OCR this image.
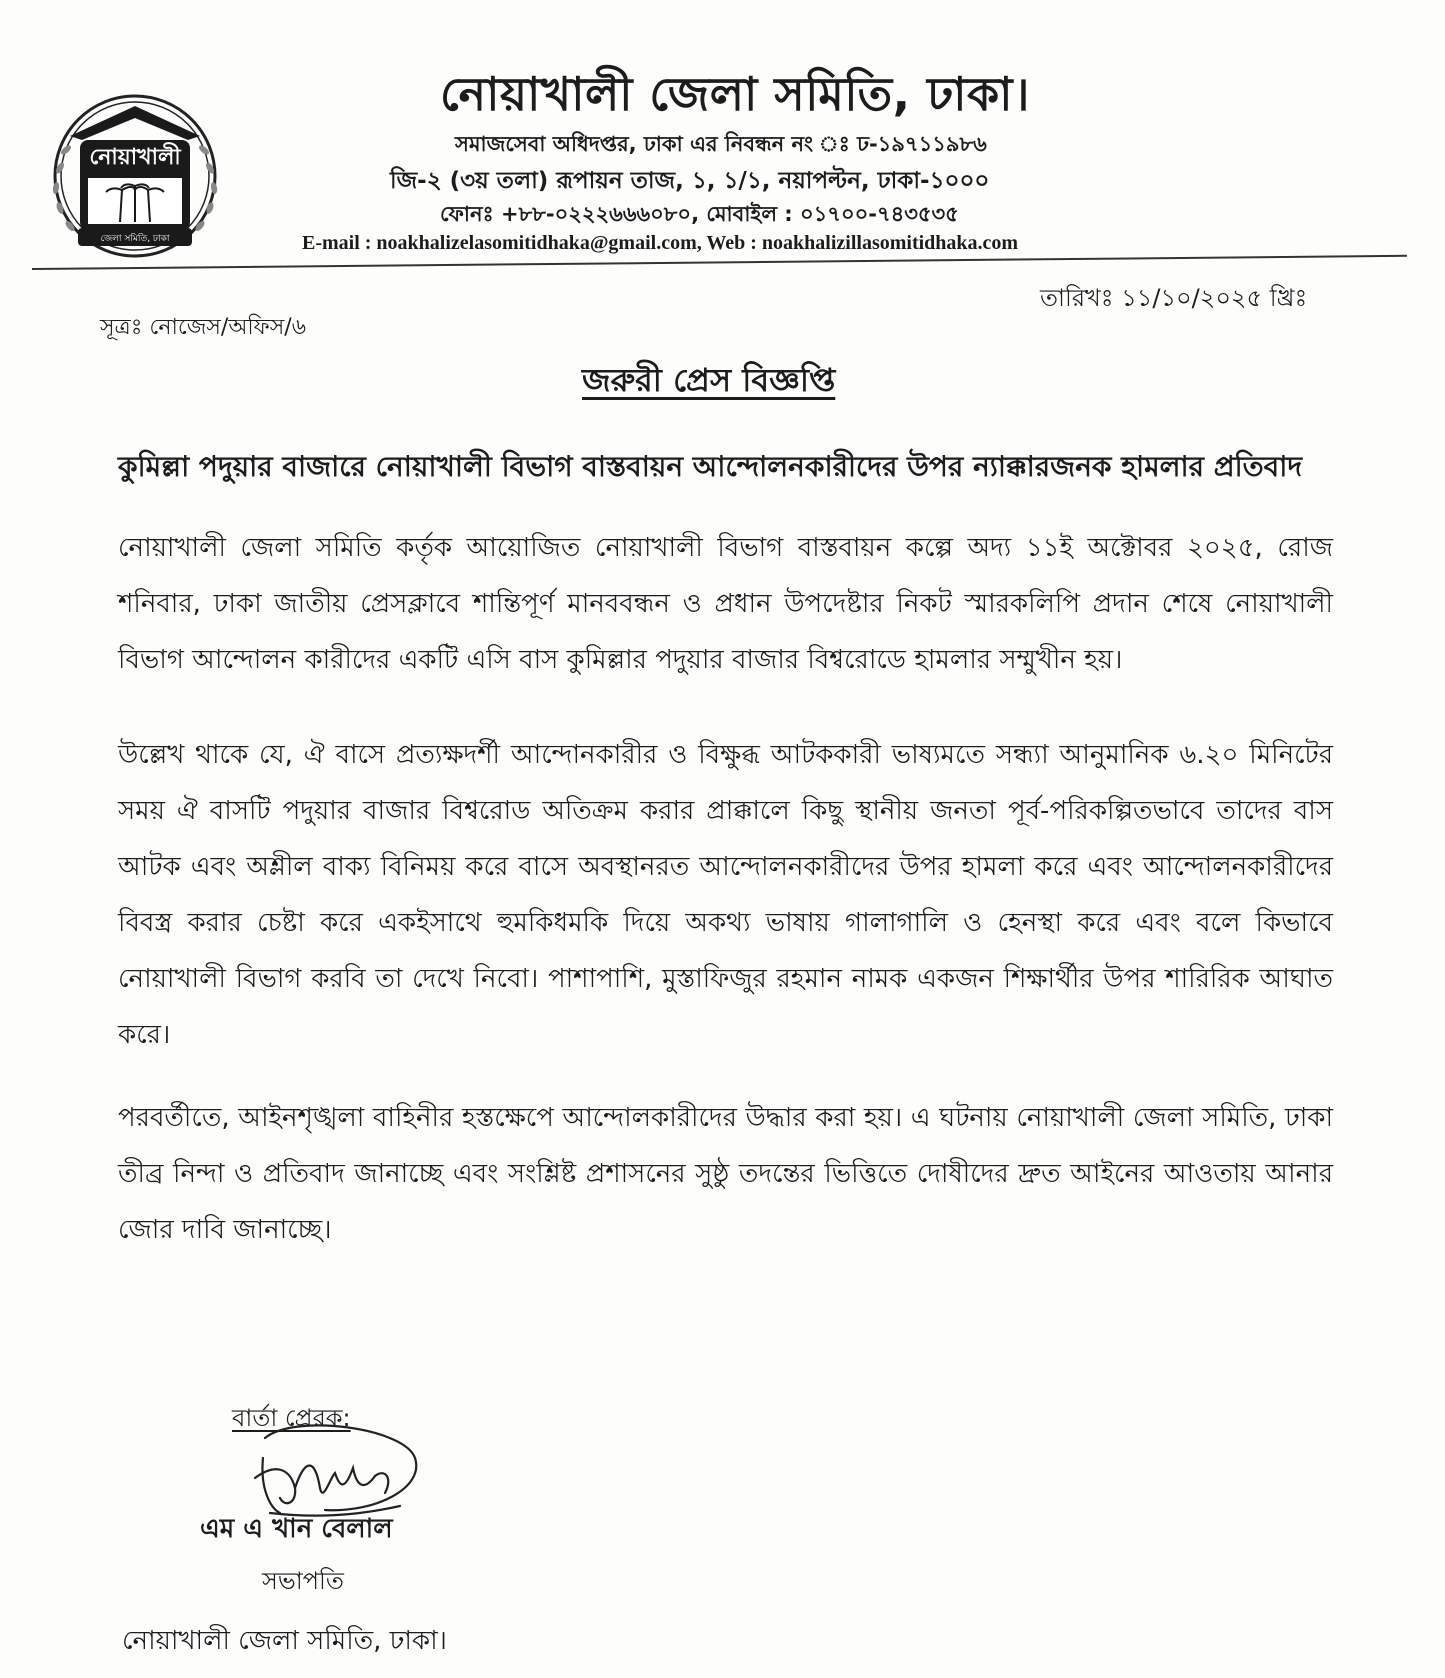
নোয়াখালী
জেলা সমিতি, ঢাকা
নোয়াখালী জেলা সমিতি, ঢাকা।
সমাজসেবা অধিদপ্তর, ঢাকা এর নিবন্ধন নং ঃ ঢ-১৯৭১১৯৮৬
জি-২ (৩য় তলা) রূপায়ন তাজ, ১, ১/১, নয়াপল্টন, ঢাকা-১০০০
ফোনঃ +৮৮-০২২২৬৬৬০৮০, মোবাইল : ০১৭০০-৭৪৩৫৩৫
E-mail : noakhalizelasomitidhaka@gmail.com, Web : noakhalizillasomitidhaka.com
তারিখঃ ১১/১০/২০২৫ খ্রিঃ
সূত্রঃ নোজেস/অফিস/৬
জরুরী প্রেস বিজ্ঞপ্তি
কুমিল্লা পদুয়ার বাজারে নোয়াখালী বিভাগ বাস্তবায়ন আন্দোলনকারীদের উপর ন্যাক্কারজনক হামলার প্রতিবাদ
নোয়াখালী জেলা সমিতি কর্তৃক আয়োজিত নোয়াখালী বিভাগ বাস্তবায়ন কল্পে অদ্য ১১ই অক্টোবর ২০২৫, রোজ শনিবার, ঢাকা জাতীয় প্রেসক্লাবে শান্তিপূর্ণ মানববন্ধন ও প্রধান উপদেষ্টার নিকট স্মারকলিপি প্রদান শেষে নোয়াখালী বিভাগ আন্দোলন কারীদের একটি এসি বাস কুমিল্লার পদুয়ার বাজার বিশ্বরোডে হামলার সম্মুখীন হয়।
উল্লেখ থাকে যে, ঐ বাসে প্রত্যক্ষদর্শী আন্দোনকারীর ও বিক্ষুব্ধ আটককারী ভাষ্যমতে সন্ধ্যা আনুমানিক ৬.২০ মিনিটের সময় ঐ বাসটি পদুয়ার বাজার বিশ্বরোড অতিক্রম করার প্রাক্কালে কিছু স্থানীয় জনতা পূর্ব-পরিকল্পিতভাবে তাদের বাস আটক এবং অশ্লীল বাক্য বিনিময় করে বাসে অবস্থানরত আন্দোলনকারীদের উপর হামলা করে এবং আন্দোলনকারীদের বিবস্ত্র করার চেষ্টা করে একইসাথে হুমকিধমকি দিয়ে অকথ্য ভাষায় গালাগালি ও হেনস্থা করে এবং বলে কিভাবে নোয়াখালী বিভাগ করবি তা দেখে নিবো। পাশাপাশি, মুস্তাফিজুর রহমান নামক একজন শিক্ষার্থীর উপর শারিরিক আঘাত করে।
পরবর্তীতে, আইনশৃঙ্খলা বাহিনীর হস্তক্ষেপে আন্দোলকারীদের উদ্ধার করা হয়। এ ঘটনায় নোয়াখালী জেলা সমিতি, ঢাকা তীব্র নিন্দা ও প্রতিবাদ জানাচ্ছে এবং সংশ্লিষ্ট প্রশাসনের সুষ্ঠু তদন্তের ভিত্তিতে দোষীদের দ্রুত আইনের আওতায় আনার জোর দাবি জানাচ্ছে।
বার্তা প্রেরক:
এম এ খান বেলাল
সভাপতি
নোয়াখালী জেলা সমিতি, ঢাকা।
